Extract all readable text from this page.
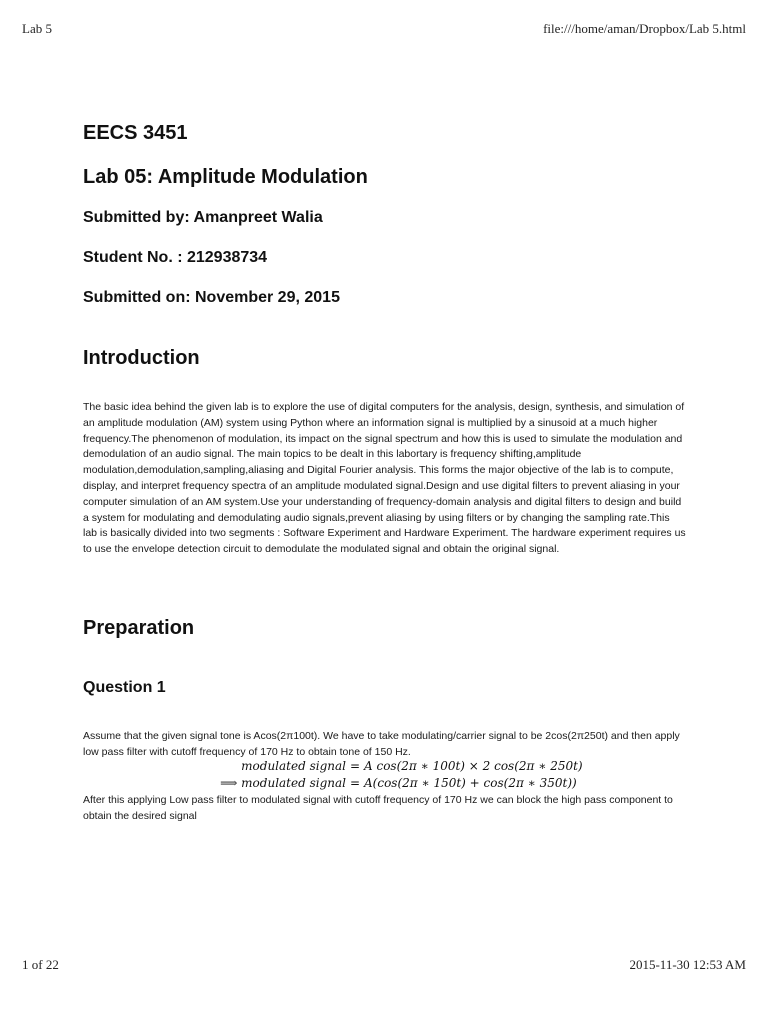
Lab 5	file:///home/aman/Dropbox/Lab 5.html
EECS 3451
Lab 05: Amplitude Modulation
Submitted by: Amanpreet Walia
Student No. : 212938734
Submitted on: November 29, 2015
Introduction

The basic idea behind the given lab is to explore the use of digital computers for the analysis, design, synthesis, and simulation of an amplitude modulation (AM) system using Python where an information signal is multiplied by a sinusoid at a much higher frequency.The phenomenon of modulation, its impact on the signal spectrum and how this is used to simulate the modulation and demodulation of an audio signal. The main topics to be dealt in this labortary is frequency shifting,amplitude modulation,demodulation,sampling,aliasing and Digital Fourier analysis. This forms the major objective of the lab is to compute, display, and interpret frequency spectra of an amplitude modulated signal.Design and use digital filters to prevent aliasing in your computer simulation of an AM system.Use your understanding of frequency-domain analysis and digital filters to design and build a system for modulating and demodulating audio signals,prevent aliasing by using filters or by changing the sampling rate.This lab is basically divided into two segments : Software Experiment and Hardware Experiment. The hardware experiment requires us to use the envelope detection circuit to demodulate the modulated signal and obtain the original signal.

Preparation
Question 1

Assume that the given signal tone is Acos(2π100t). We have to take modulating/carrier signal to be 2cos(2π250t) and then apply low pass filter with cutoff frequency of 170 Hz to obtain tone of 150 Hz.

modulated signal = A cos(2π ∗ 100t) × 2 cos(2π ∗ 250t)
⟹ modulated signal = A(cos(2π ∗ 150t) + cos(2π ∗ 350t))

After this applying Low pass filter to modulated signal with cutoff frequency of 170 Hz we can block the high pass component to obtain the desired signal

1 of 22	2015-11-30 12:53 AM
